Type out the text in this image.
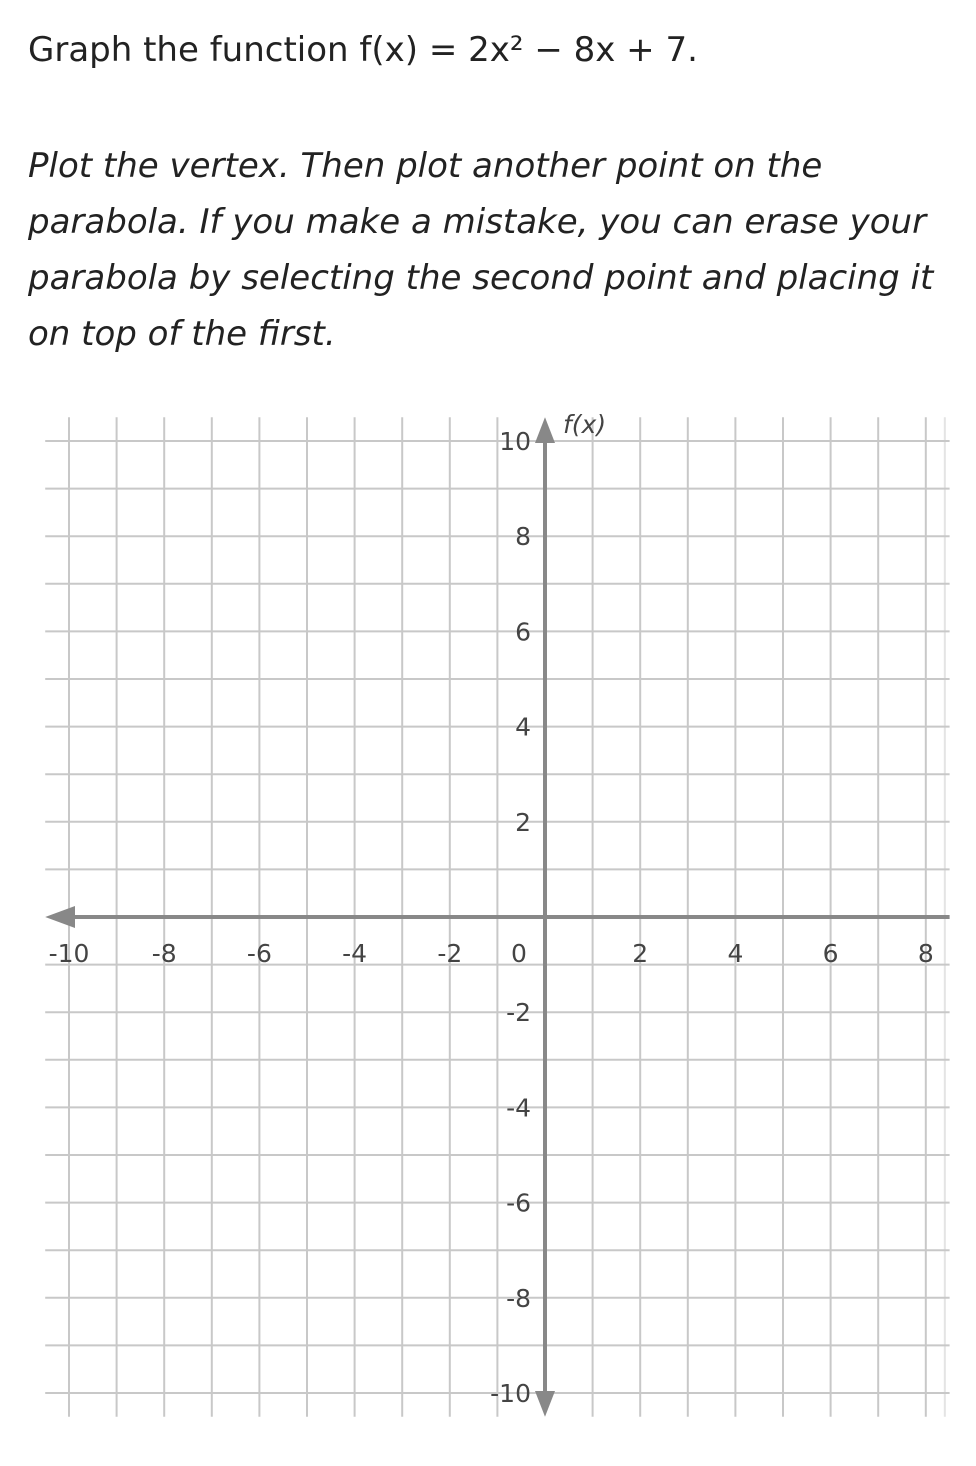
Graph the function f(x) = 2x² − 8x + 7.
Plot the vertex. Then plot another point on the parabola. If you make a mistake, you can erase your parabola by selecting the second point and placing it on top of the first.
-10 -8	-6	-4	-2 0	2	4	6	8
10
8
6
4
2
-2
-4
-6
-8
-10
f(x)
